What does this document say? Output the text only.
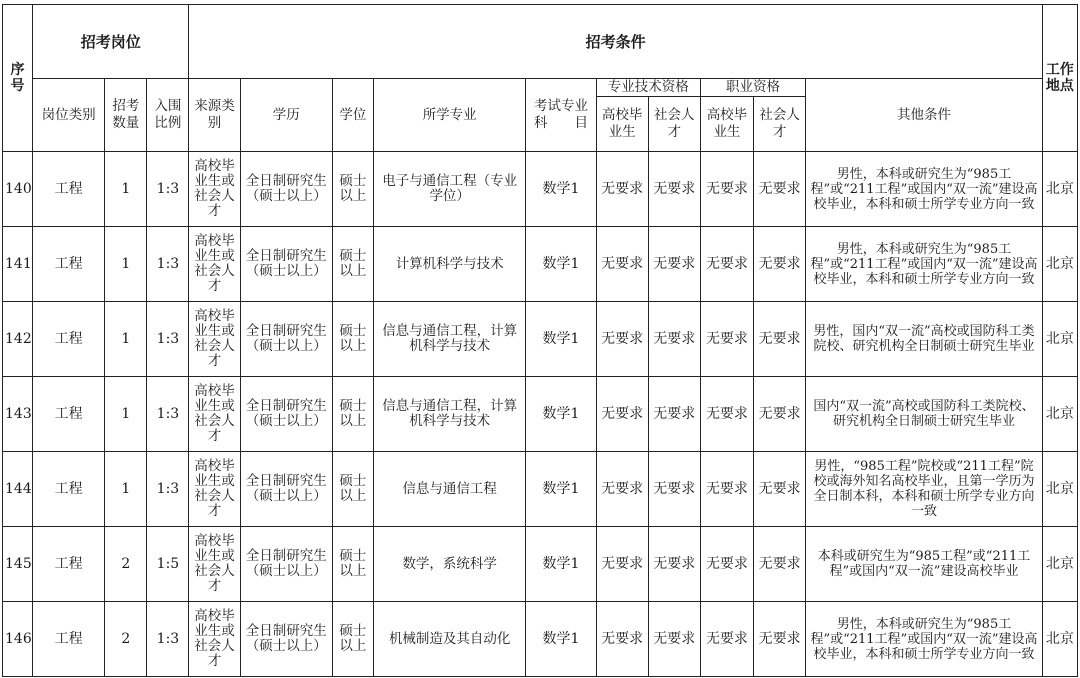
序号	招考岗位			招考条件										工作地点
	岗位类别	招考数量	入围比例	来源类别	学历	学位	所学专业	考试专业科　　目	专业技术资格		职业资格		其他条件	
									高校毕业生	社会人才	高校毕业生	社会人才		
140	工程	1	1:3	高校毕业生或社会人才	全日制研究生（硕士以上）	硕士以上	电子与通信工程（专业学位）	数学1	无要求	无要求	无要求	无要求	男性，本科或研究生为“985工程”或“211工程”或国内“双一流”建设高校毕业，本科和硕士所学专业方向一致	北京
141	工程	1	1:3	高校毕业生或社会人才	全日制研究生（硕士以上）	硕士以上	计算机科学与技术	数学1	无要求	无要求	无要求	无要求	男性，本科或研究生为“985工程”或“211工程”或国内“双一流”建设高校毕业，本科和硕士所学专业方向一致	北京
142	工程	1	1:3	高校毕业生或社会人才	全日制研究生（硕士以上）	硕士以上	信息与通信工程，计算机科学与技术	数学1	无要求	无要求	无要求	无要求	男性，国内“双一流”高校或国防科工类院校、研究机构全日制硕士研究生毕业	北京
143	工程	1	1:3	高校毕业生或社会人才	全日制研究生（硕士以上）	硕士以上	信息与通信工程，计算机科学与技术	数学1	无要求	无要求	无要求	无要求	国内“双一流”高校或国防科工类院校、研究机构全日制硕士研究生毕业	北京
144	工程	1	1:3	高校毕业生或社会人才	全日制研究生（硕士以上）	硕士以上	信息与通信工程	数学1	无要求	无要求	无要求	无要求	男性，“985工程”院校或“211工程”院校或海外知名高校毕业，且第一学历为全日制本科，本科和硕士所学专业方向一致	北京
145	工程	2	1:5	高校毕业生或社会人才	全日制研究生（硕士以上）	硕士以上	数学，系统科学	数学1	无要求	无要求	无要求	无要求	本科或研究生为“985工程”或“211工程”或国内“双一流”建设高校毕业	北京
146	工程	2	1:3	高校毕业生或社会人才	全日制研究生（硕士以上）	硕士以上	机械制造及其自动化	数学1	无要求	无要求	无要求	无要求	男性，本科或研究生为“985工程”或“211工程”或国内“双一流”建设高校毕业，本科和硕士所学专业方向一致	北京
